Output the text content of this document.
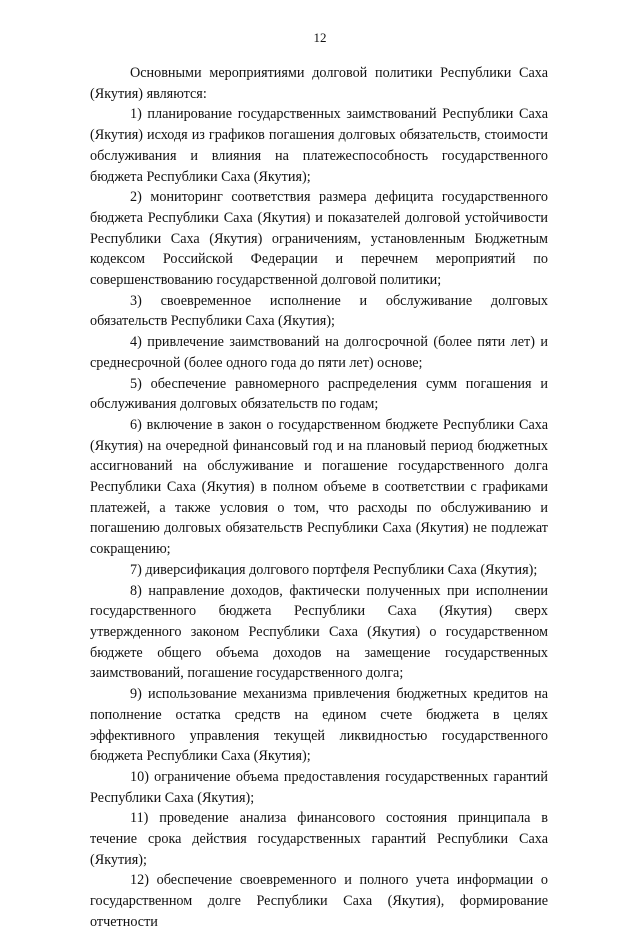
12

Основными мероприятиями долговой политики Республики Саха (Якутия) являются:

1) планирование государственных заимствований Республики Саха (Якутия) исходя из графиков погашения долговых обязательств, стоимости обслуживания и влияния на платежеспособность государственного бюджета Республики Саха (Якутия);

2) мониторинг соответствия размера дефицита государственного бюджета Республики Саха (Якутия) и показателей долговой устойчивости Республики Саха (Якутия) ограничениям, установленным Бюджетным кодексом Российской Федерации и перечнем мероприятий по совершенствованию государственной долговой политики;

3) своевременное исполнение и обслуживание долговых обязательств Республики Саха (Якутия);

4) привлечение заимствований на долгосрочной (более пяти лет) и среднесрочной (более одного года до пяти лет) основе;

5) обеспечение равномерного распределения сумм погашения и обслуживания долговых обязательств по годам;

6) включение в закон о государственном бюджете Республики Саха (Якутия) на очередной финансовый год и на плановый период бюджетных ассигнований на обслуживание и погашение государственного долга Республики Саха (Якутия) в полном объеме в соответствии с графиками платежей, а также условия о том, что расходы по обслуживанию и погашению долговых обязательств Республики Саха (Якутия) не подлежат сокращению;

7) диверсификация долгового портфеля Республики Саха (Якутия);

8) направление доходов, фактически полученных при исполнении государственного бюджета Республики Саха (Якутия) сверх утвержденного законом Республики Саха (Якутия) о государственном бюджете общего объема доходов на замещение государственных заимствований, погашение государственного долга;

9) использование механизма привлечения бюджетных кредитов на пополнение остатка средств на едином счете бюджета в целях эффективного управления текущей ликвидностью государственного бюджета Республики Саха (Якутия);

10) ограничение объема предоставления государственных гарантий Республики Саха (Якутия);

11) проведение анализа финансового состояния принципала в течение срока действия государственных гарантий Республики Саха (Якутия);

12) обеспечение своевременного и полного учета информации о государственном долге Республики Саха (Якутия), формирование отчетности
